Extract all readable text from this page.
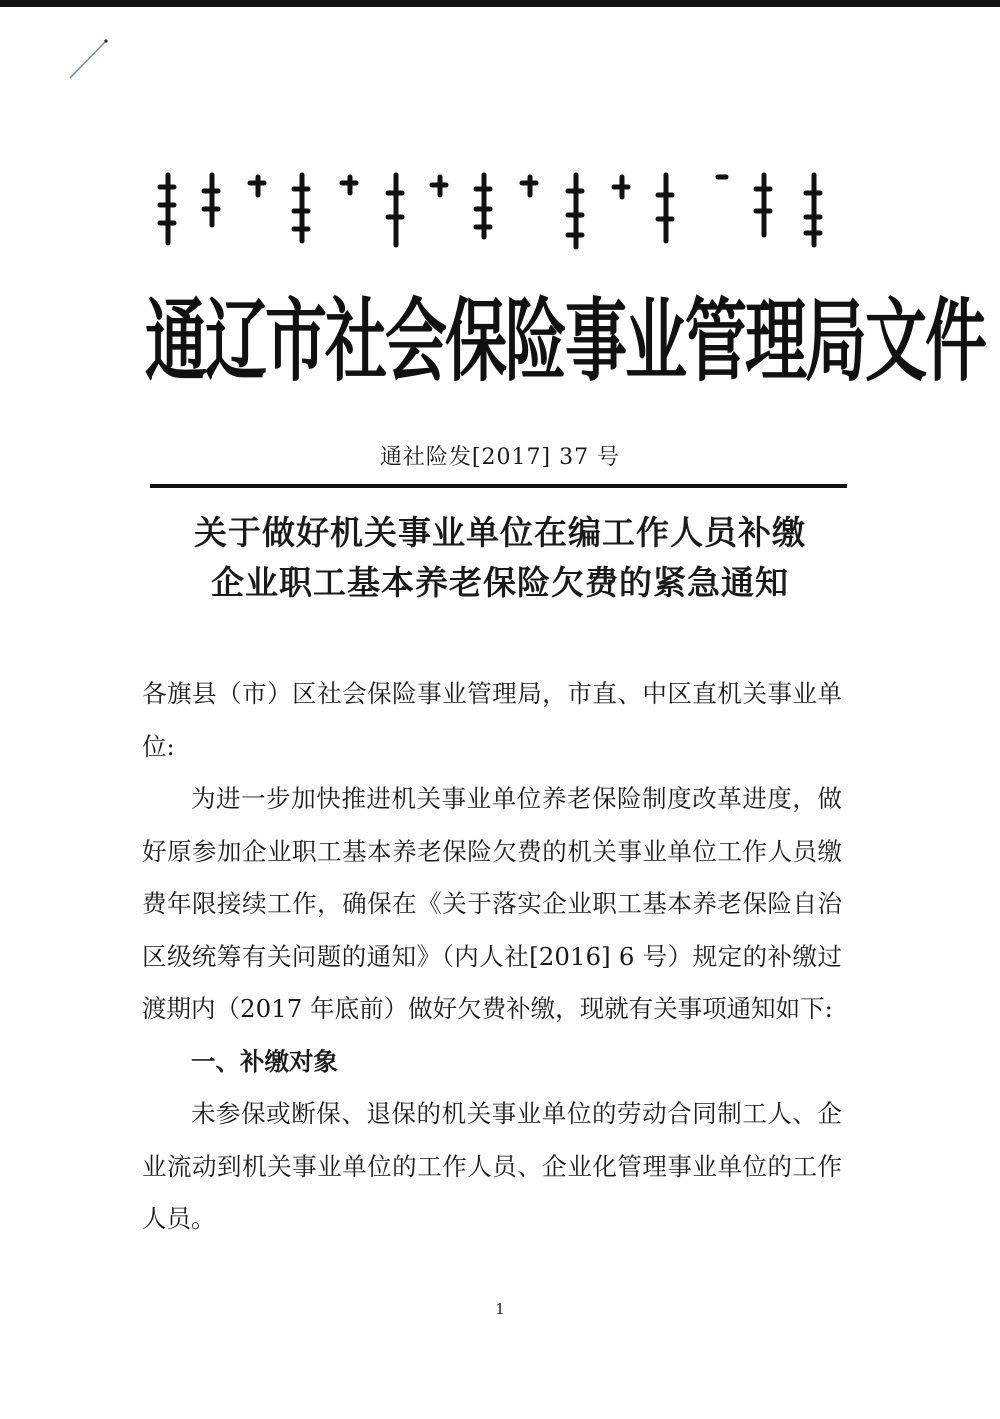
通辽市社会保险事业管理局文件
通社险发[2017] 37 号
关于做好机关事业单位在编工作人员补缴
企业职工基本养老保险欠费的紧急通知

各旗县（市）区社会保险事业管理局，市直、中区直机关事业单位:

为进一步加快推进机关事业单位养老保险制度改革进度，做好原参加企业职工基本养老保险欠费的机关事业单位工作人员缴费年限接续工作，确保在《关于落实企业职工基本养老保险自治区级统筹有关问题的通知》（内人社[2016] 6 号）规定的补缴过渡期内（2017 年底前）做好欠费补缴，现就有关事项通知如下:

一、补缴对象

未参保或断保、退保的机关事业单位的劳动合同制工人、企业流动到机关事业单位的工作人员、企业化管理事业单位的工作人员。

1
